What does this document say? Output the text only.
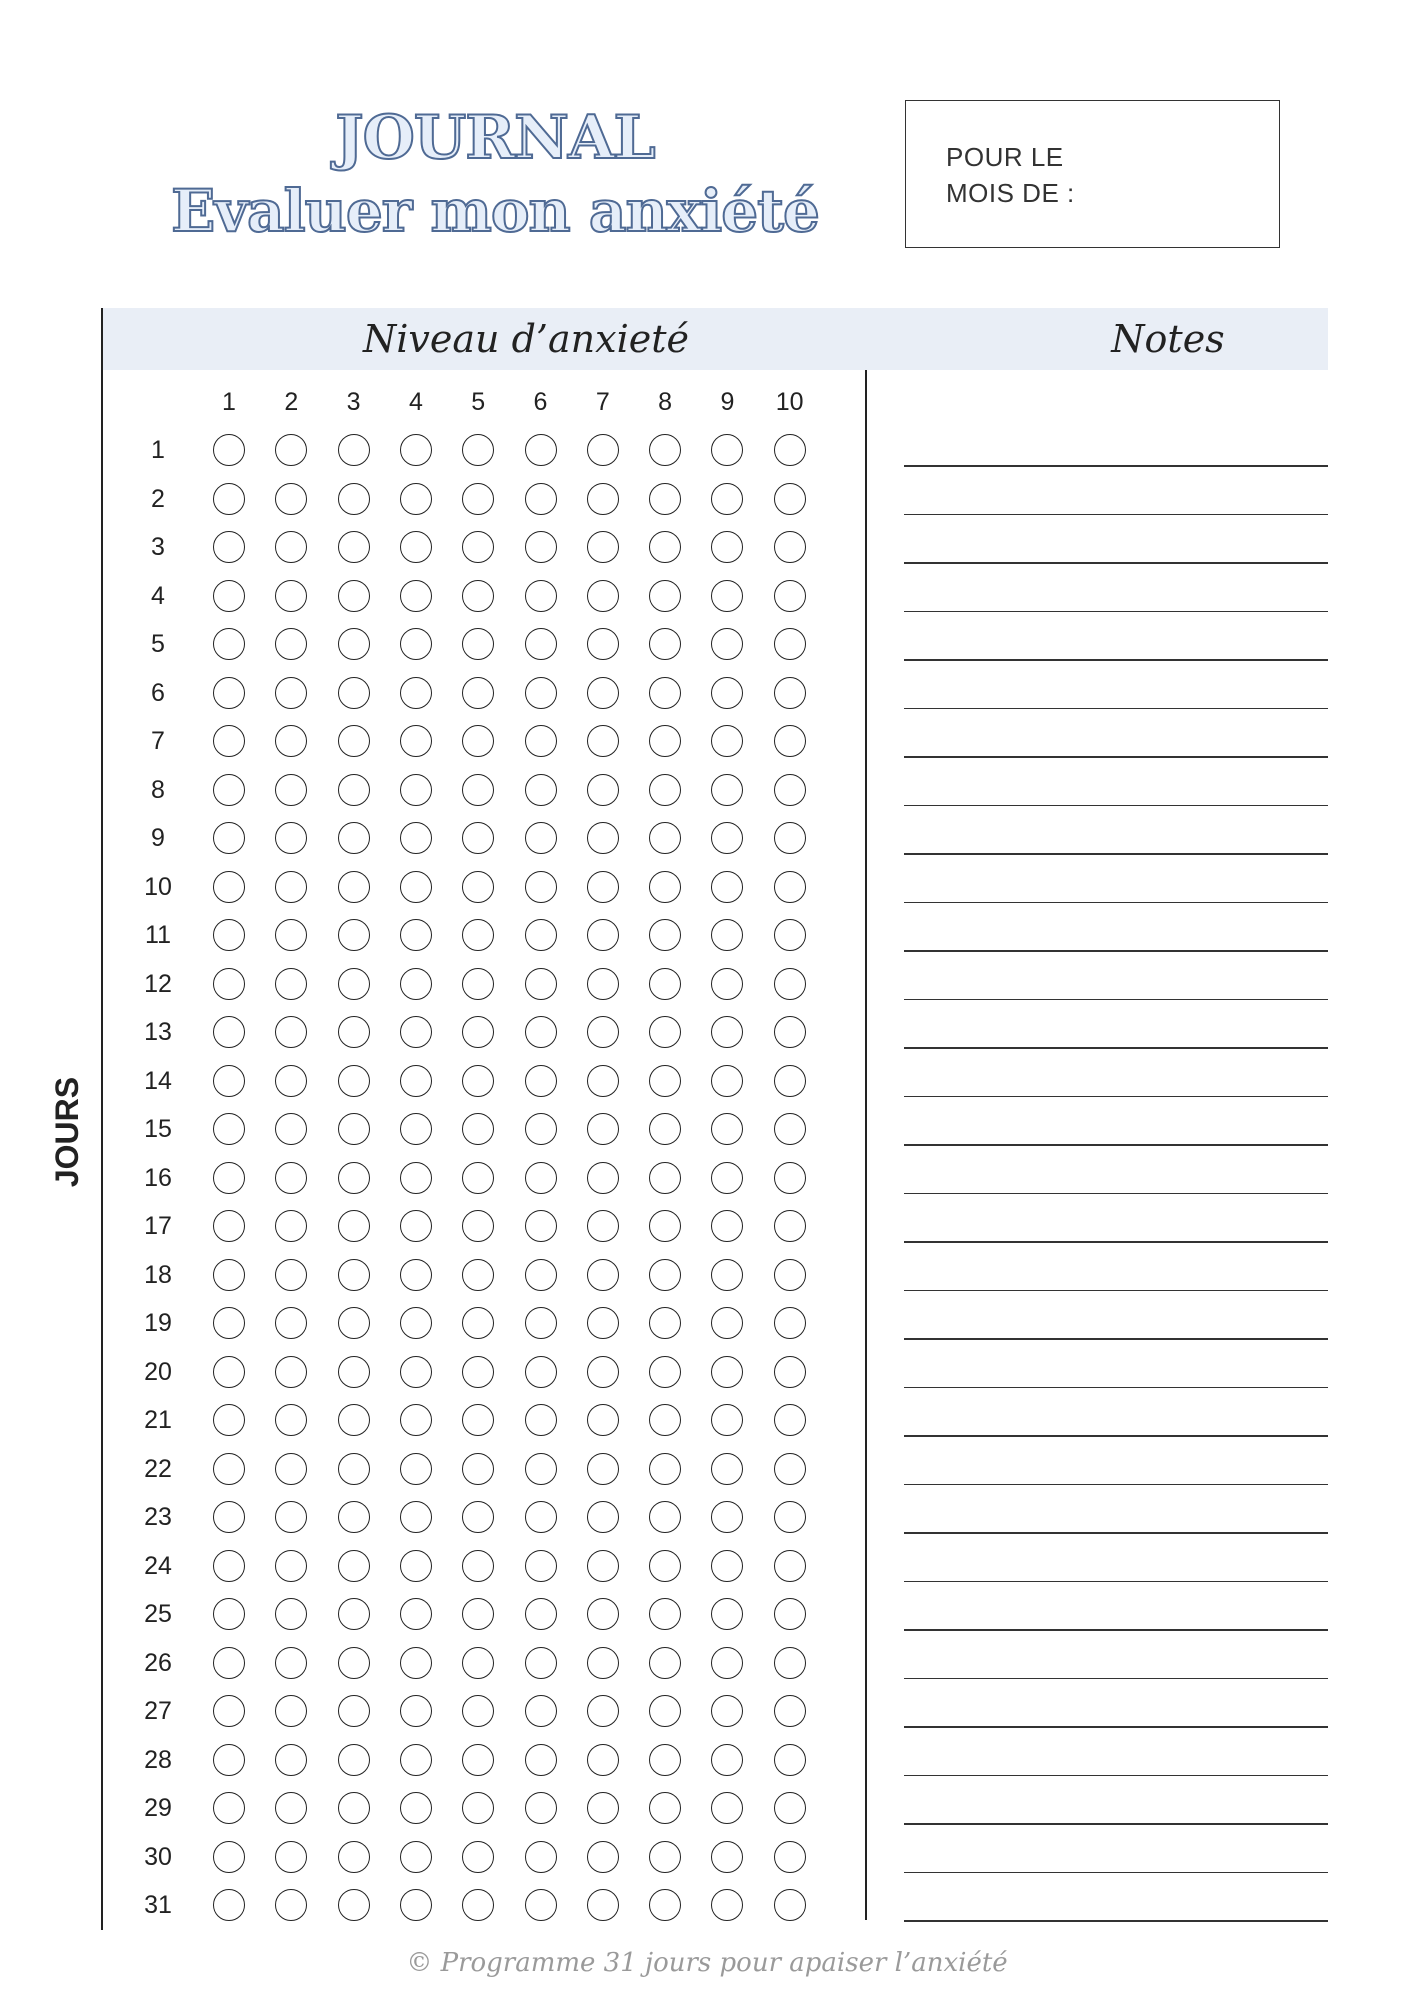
JOURNAL
Evaluer mon anxiété
POUR LE
MOIS DE :
Niveau d’anxieté	Notes
JOURS
1	2	3	4	5	6	7	8	9	10
1
2
3
4
5
6
7
8
9
10
11
12
13
14
15
16
17
18
19
20
21
22
23
24
25
26
27
28
29
30
31
© Programme 31 jours pour apaiser l’anxiété
